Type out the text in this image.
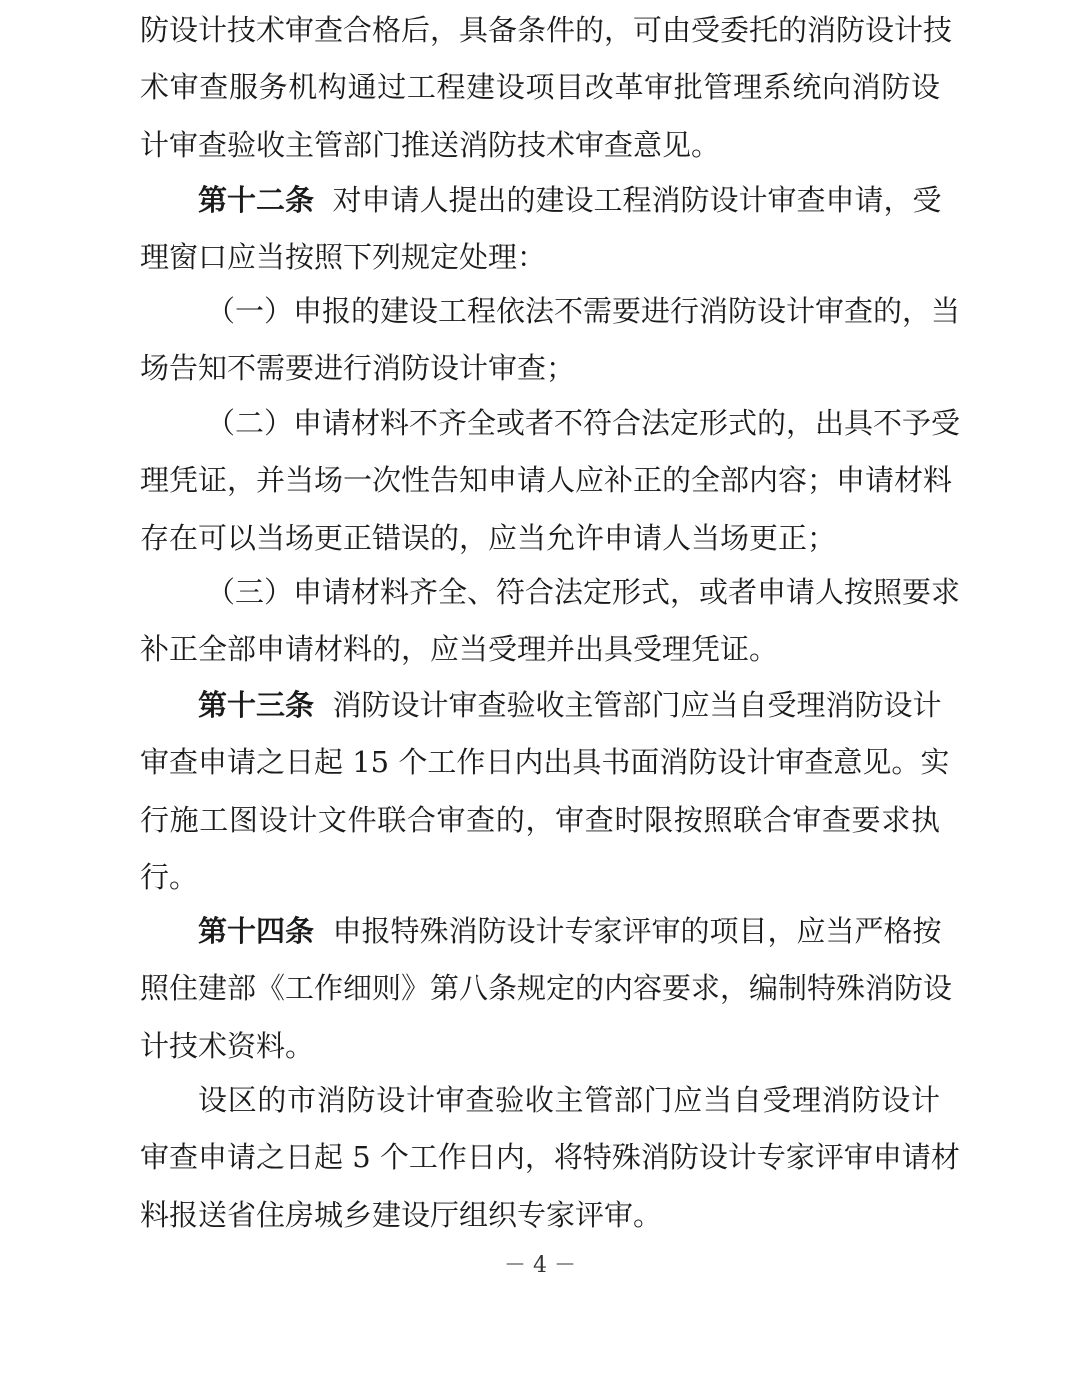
防设计技术审查合格后，具备条件的，可由受委托的消防设计技
术审查服务机构通过工程建设项目改革审批管理系统向消防设
计审查验收主管部门推送消防技术审查意见。
第十二条 对申请人提出的建设工程消防设计审查申请，受
理窗口应当按照下列规定处理：
（一）申报的建设工程依法不需要进行消防设计审查的，当
场告知不需要进行消防设计审查；
（二）申请材料不齐全或者不符合法定形式的，出具不予受
理凭证，并当场一次性告知申请人应补正的全部内容；申请材料
存在可以当场更正错误的，应当允许申请人当场更正；
（三）申请材料齐全、符合法定形式，或者申请人按照要求
补正全部申请材料的，应当受理并出具受理凭证。
第十三条 消防设计审查验收主管部门应当自受理消防设计
审查申请之日起 15 个工作日内出具书面消防设计审查意见。实
行施工图设计文件联合审查的，审查时限按照联合审查要求执
行。
第十四条 申报特殊消防设计专家评审的项目，应当严格按
照住建部《工作细则》第八条规定的内容要求，编制特殊消防设
计技术资料。
设区的市消防设计审查验收主管部门应当自受理消防设计
审查申请之日起 5 个工作日内，将特殊消防设计专家评审申请材
料报送省住房城乡建设厅组织专家评审。
－ 4 －
